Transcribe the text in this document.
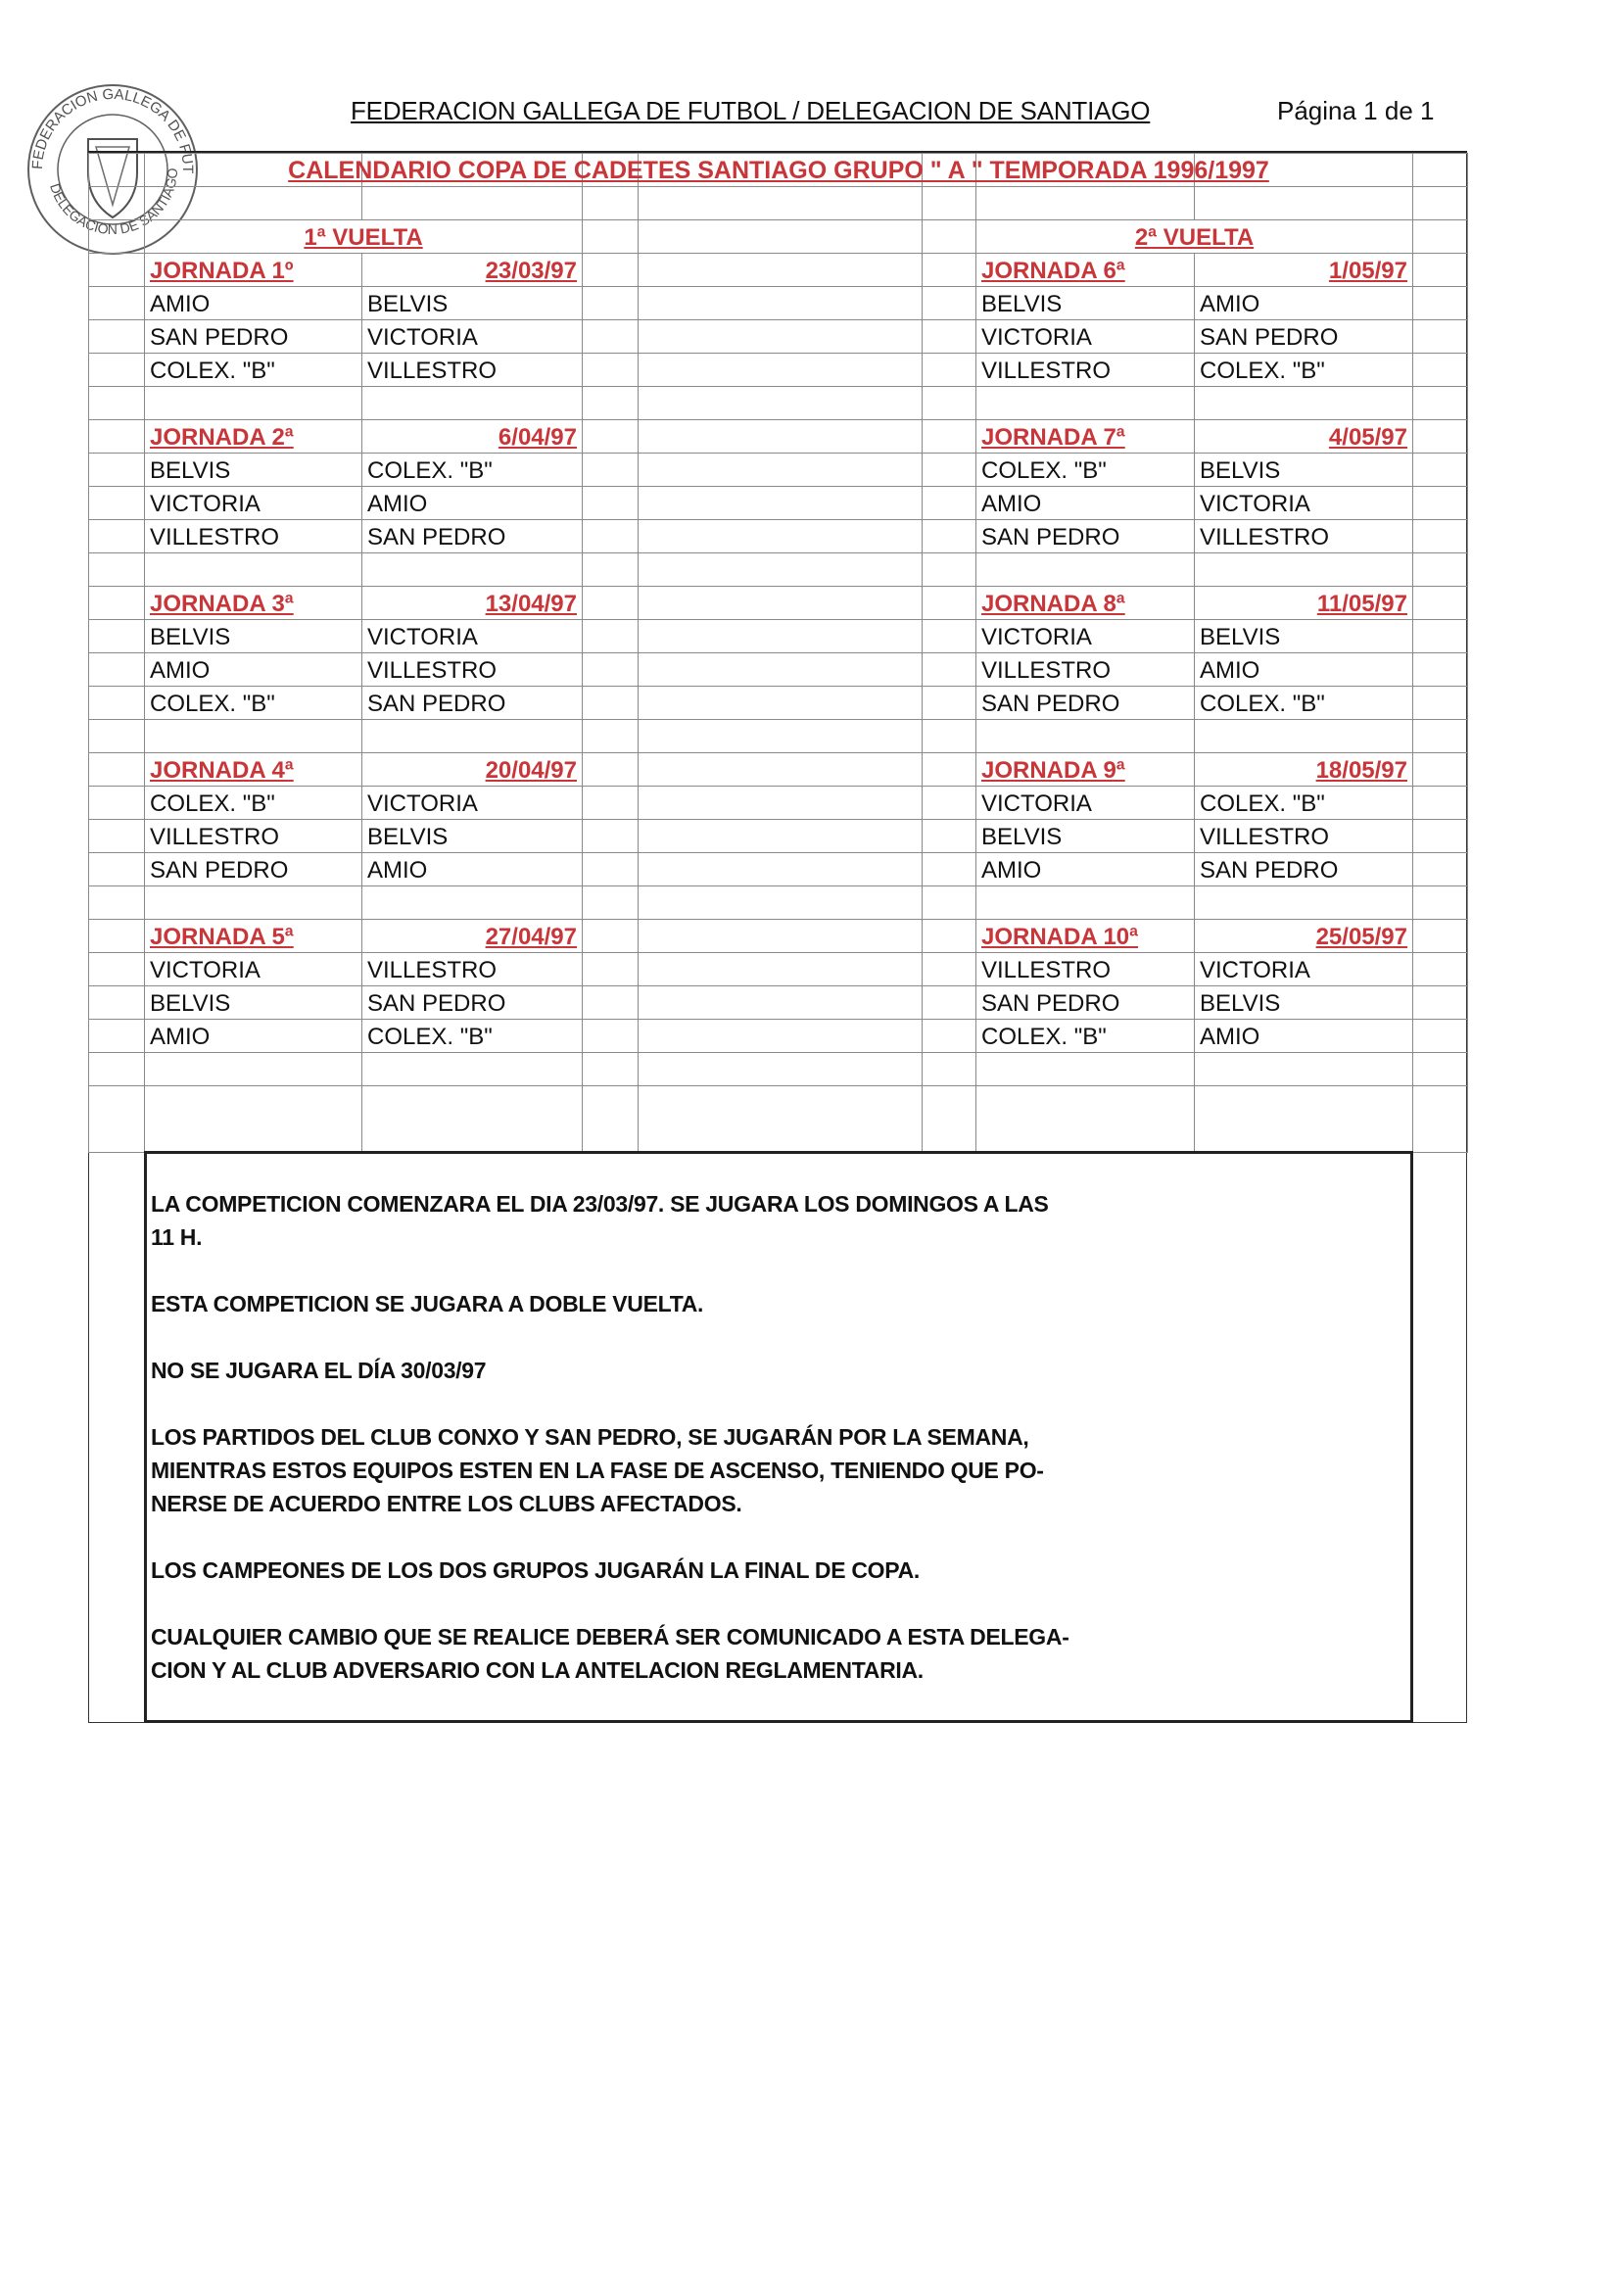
FEDERACION GALLEGA DE FUT
DELEGACION DE SANTIAGO
FEDERACION GALLEGA DE FUTBOL / DELEGACION DE SANTIAGO	Página 1 de 1

	1ª VUELTA					2ª VUELTA		
	JORNADA 1º	23/03/97				JORNADA 6ª	1/05/97	
	AMIO	BELVIS				BELVIS	AMIO	
	SAN PEDRO	VICTORIA				VICTORIA	SAN PEDRO	
	COLEX. "B"	VILLESTRO				VILLESTRO	COLEX. "B"	

	JORNADA 2ª	6/04/97				JORNADA 7ª	4/05/97	
	BELVIS	COLEX. "B"				COLEX. "B"	BELVIS	
	VICTORIA	AMIO				AMIO	VICTORIA	
	VILLESTRO	SAN PEDRO				SAN PEDRO	VILLESTRO	

	JORNADA 3ª	13/04/97				JORNADA 8ª	11/05/97	
	BELVIS	VICTORIA				VICTORIA	BELVIS	
	AMIO	VILLESTRO				VILLESTRO	AMIO	
	COLEX. "B"	SAN PEDRO				SAN PEDRO	COLEX. "B"	

	JORNADA 4ª	20/04/97				JORNADA 9ª	18/05/97	
	COLEX. "B"	VICTORIA				VICTORIA	COLEX. "B"	
	VILLESTRO	BELVIS				BELVIS	VILLESTRO	
	SAN PEDRO	AMIO				AMIO	SAN PEDRO	

	JORNADA 5ª	27/04/97				JORNADA 10ª	25/05/97	
	VICTORIA	VILLESTRO				VILLESTRO	VICTORIA	
	BELVIS	SAN PEDRO				SAN PEDRO	BELVIS	
	AMIO	COLEX. "B"				COLEX. "B"	AMIO	

CALENDARIO COPA DE CADETES SANTIAGO GRUPO " A " TEMPORADA 1996/1997
LA COMPETICION COMENZARA EL DIA 23/03/97. SE JUGARA LOS DOMINGOS A LAS
11 H.
ESTA COMPETICION SE JUGARA A DOBLE VUELTA.
NO SE JUGARA EL DÍA 30/03/97
LOS PARTIDOS DEL CLUB CONXO Y SAN PEDRO, SE JUGARÁN POR LA SEMANA,
MIENTRAS ESTOS EQUIPOS ESTEN EN LA FASE DE ASCENSO, TENIENDO QUE PO-
NERSE DE ACUERDO ENTRE LOS CLUBS AFECTADOS.
LOS CAMPEONES DE LOS DOS GRUPOS JUGARÁN LA FINAL DE COPA.
CUALQUIER CAMBIO QUE SE REALICE DEBERÁ SER COMUNICADO A ESTA DELEGA-
CION Y AL CLUB ADVERSARIO CON LA ANTELACION REGLAMENTARIA.
